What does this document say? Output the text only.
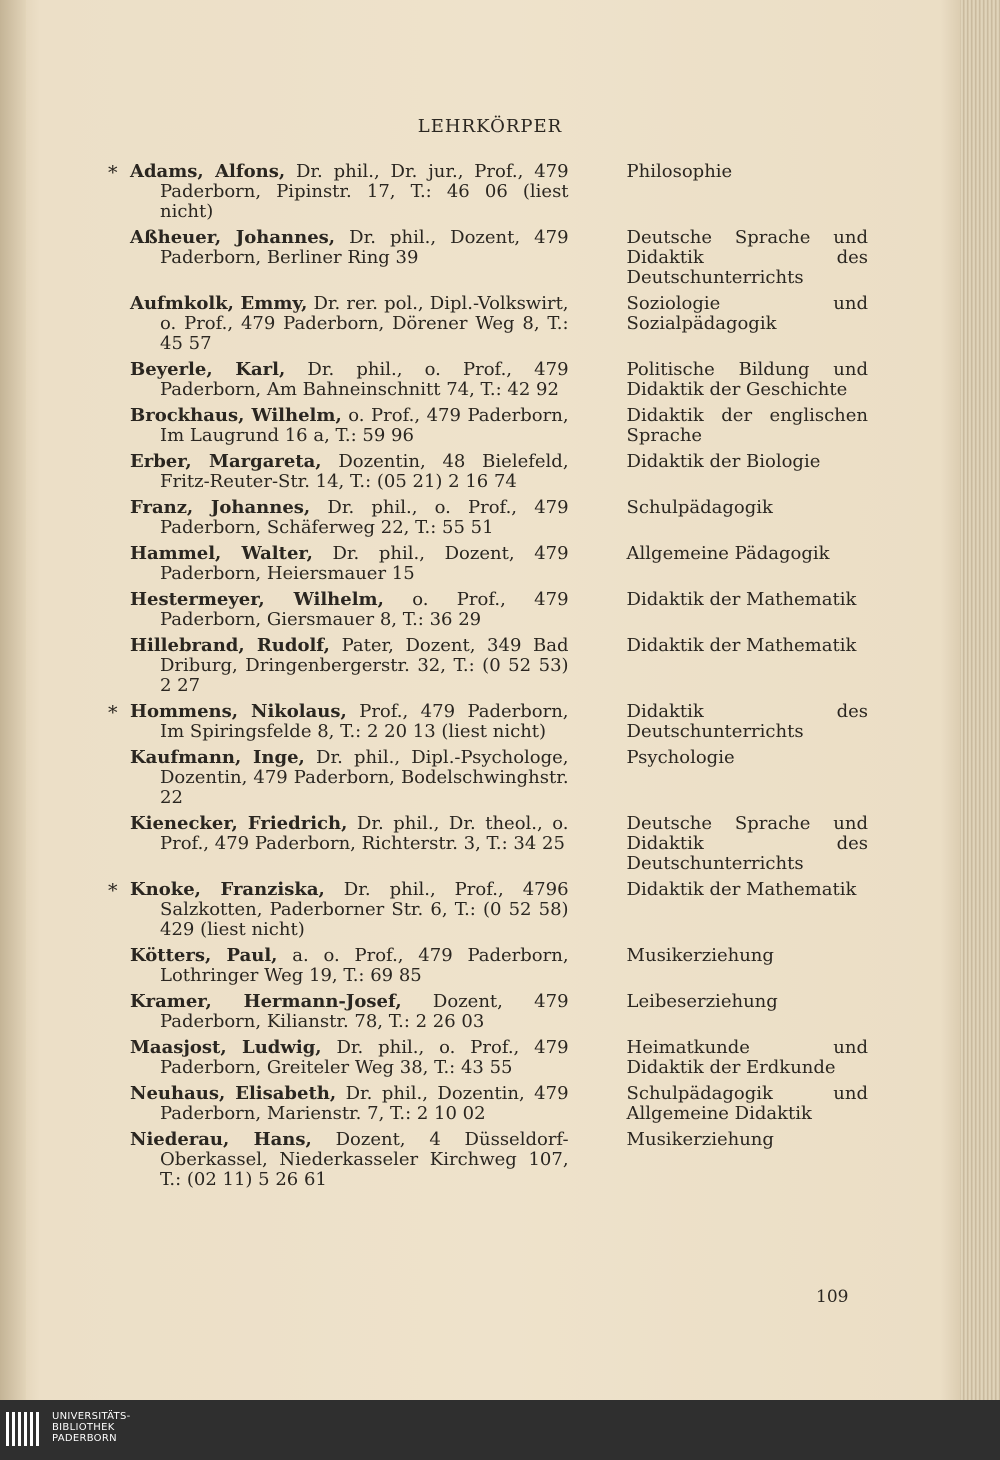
LEHRKÖRPER
* Adams, Alfons, Dr. phil., Dr. jur., Prof., 479 Paderborn, Pipinstr. 17, T.: 46 06 (liest nicht)
Philosophie
Aßheuer, Johannes, Dr. phil., Dozent, 479 Paderborn, Berliner Ring 39
Deutsche Sprache und Didaktik des Deutschunterrichts
Aufmkolk, Emmy, Dr. rer. pol., Dipl.-Volkswirt, o. Prof., 479 Paderborn, Dörener Weg 8, T.: 45 57
Soziologie und Sozialpädagogik
Beyerle, Karl, Dr. phil., o. Prof., 479 Paderborn, Am Bahneinschnitt 74, T.: 42 92
Politische Bildung und Didaktik der Geschichte
Brockhaus, Wilhelm, o. Prof., 479 Paderborn, Im Laugrund 16 a, T.: 59 96
Didaktik der englischen Sprache
Erber, Margareta, Dozentin, 48 Bielefeld, Fritz-Reuter-Str. 14, T.: (05 21) 2 16 74
Didaktik der Biologie
Franz, Johannes, Dr. phil., o. Prof., 479 Paderborn, Schäferweg 22, T.: 55 51
Schulpädagogik
Hammel, Walter, Dr. phil., Dozent, 479 Paderborn, Heiersmauer 15
Allgemeine Pädagogik
Hestermeyer, Wilhelm, o. Prof., 479 Paderborn, Giersmauer 8, T.: 36 29
Didaktik der Mathematik
Hillebrand, Rudolf, Pater, Dozent, 349 Bad Driburg, Dringenbergerstr. 32, T.: (0 52 53) 2 27
Didaktik der Mathematik
* Hommens, Nikolaus, Prof., 479 Paderborn, Im Spiringsfelde 8, T.: 2 20 13 (liest nicht)
Didaktik des Deutschunterrichts
Kaufmann, Inge, Dr. phil., Dipl.-Psychologe, Dozentin, 479 Paderborn, Bodelschwinghstr. 22
Psychologie
Kienecker, Friedrich, Dr. phil., Dr. theol., o. Prof., 479 Paderborn, Richterstr. 3, T.: 34 25
Deutsche Sprache und Didaktik des Deutschunterrichts
* Knoke, Franziska, Dr. phil., Prof., 4796 Salzkotten, Paderborner Str. 6, T.: (0 52 58) 429 (liest nicht)
Didaktik der Mathematik
Kötters, Paul, a. o. Prof., 479 Paderborn, Lothringer Weg 19, T.: 69 85
Musikerziehung
Kramer, Hermann-Josef, Dozent, 479 Paderborn, Kilianstr. 78, T.: 2 26 03
Leibeserziehung
Maasjost, Ludwig, Dr. phil., o. Prof., 479 Paderborn, Greiteler Weg 38, T.: 43 55
Heimatkunde und Didaktik der Erdkunde
Neuhaus, Elisabeth, Dr. phil., Dozentin, 479 Paderborn, Marienstr. 7, T.: 2 10 02
Schulpädagogik und Allgemeine Didaktik
Niederau, Hans, Dozent, 4 Düsseldorf-Oberkassel, Niederkasseler Kirchweg 107, T.: (02 11) 5 26 61
Musikerziehung
109
UNIVERSITÄTS-
BIBLIOTHEK
PADERBORN
